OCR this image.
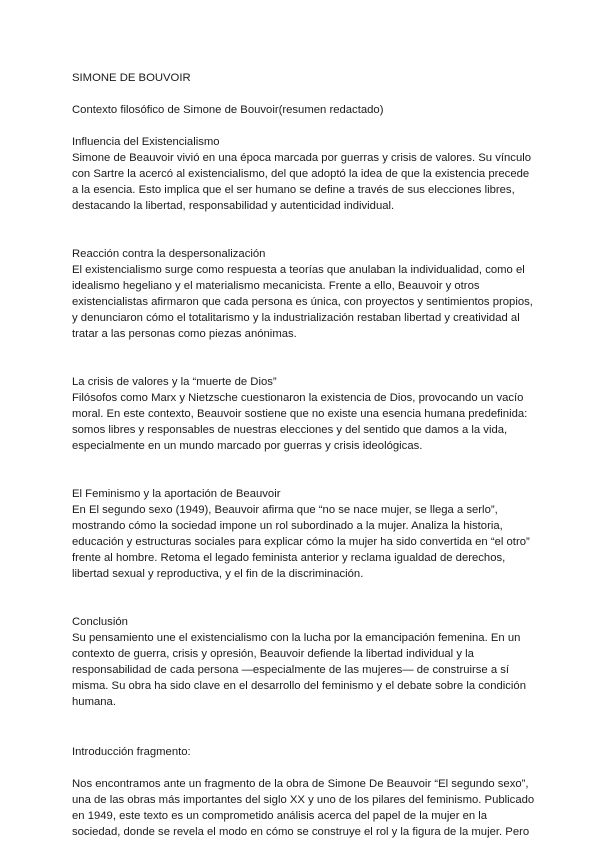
SIMONE DE BOUVOIR
Contexto filosófico de Simone de Bouvoir(resumen redactado)
Influencia del Existencialismo
Simone de Beauvoir vivió en una época marcada por guerras y crisis de valores. Su vínculo
con Sartre la acercó al existencialismo, del que adoptó la idea de que la existencia precede
a la esencia. Esto implica que el ser humano se define a través de sus elecciones libres,
destacando la libertad, responsabilidad y autenticidad individual.
Reacción contra la despersonalización
El existencialismo surge como respuesta a teorías que anulaban la individualidad, como el
idealismo hegeliano y el materialismo mecanicista. Frente a ello, Beauvoir y otros
existencialistas afirmaron que cada persona es única, con proyectos y sentimientos propios,
y denunciaron cómo el totalitarismo y la industrialización restaban libertad y creatividad al
tratar a las personas como piezas anónimas.
La crisis de valores y la “muerte de Dios”
Filósofos como Marx y Nietzsche cuestionaron la existencia de Dios, provocando un vacío
moral. En este contexto, Beauvoir sostiene que no existe una esencia humana predefinida:
somos libres y responsables de nuestras elecciones y del sentido que damos a la vida,
especialmente en un mundo marcado por guerras y crisis ideológicas.
El Feminismo y la aportación de Beauvoir
En El segundo sexo (1949), Beauvoir afirma que “no se nace mujer, se llega a serlo”,
mostrando cómo la sociedad impone un rol subordinado a la mujer. Analiza la historia,
educación y estructuras sociales para explicar cómo la mujer ha sido convertida en “el otro”
frente al hombre. Retoma el legado feminista anterior y reclama igualdad de derechos,
libertad sexual y reproductiva, y el fin de la discriminación.
Conclusión
Su pensamiento une el existencialismo con la lucha por la emancipación femenina. En un
contexto de guerra, crisis y opresión, Beauvoir defiende la libertad individual y la
responsabilidad de cada persona —especialmente de las mujeres— de construirse a sí
misma. Su obra ha sido clave en el desarrollo del feminismo y el debate sobre la condición
humana.
Introducción fragmento:
Nos encontramos ante un fragmento de la obra de Simone De Beauvoir “El segundo sexo”,
una de las obras más importantes del siglo XX y uno de los pilares del feminismo. Publicado
en 1949, este texto es un comprometido análisis acerca del papel de la mujer en la
sociedad, donde se revela el modo en cómo se construye el rol y la figura de la mujer. Pero
